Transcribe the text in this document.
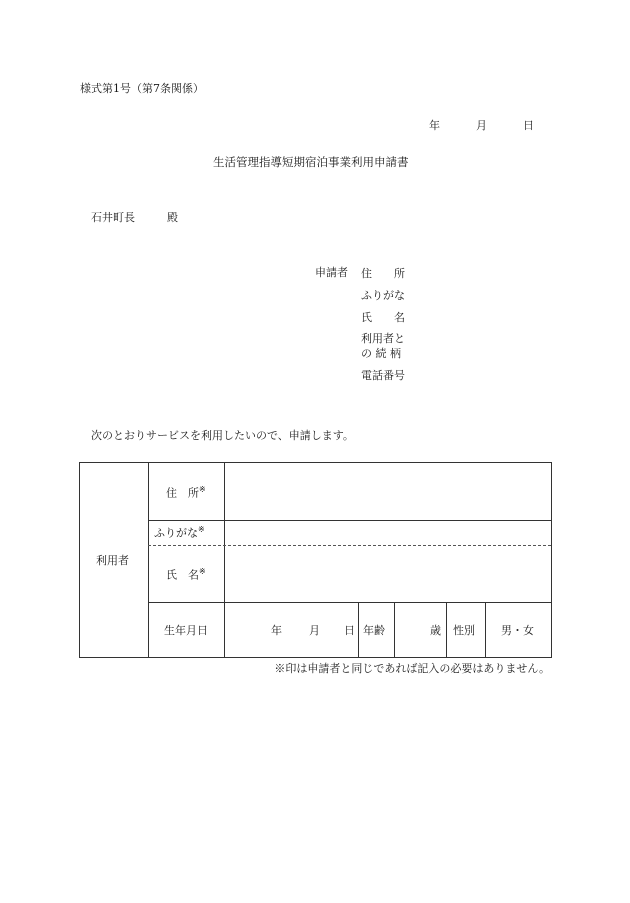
様式第1号（第7条関係）
年	月	日
生活管理指導短期宿泊事業利用申請書
石井町長	殿
申請者 住　　所
ふりがな
氏　　名
利用者と
の 続 柄
電話番号
次のとおりサービスを利用したいので、申請します。
利用者
住　所※
ふりがな※
氏　名※
生年月日	年 月 日 年齢	歳 性別 男・女
※印は申請者と同じであれば記入の必要はありません。
